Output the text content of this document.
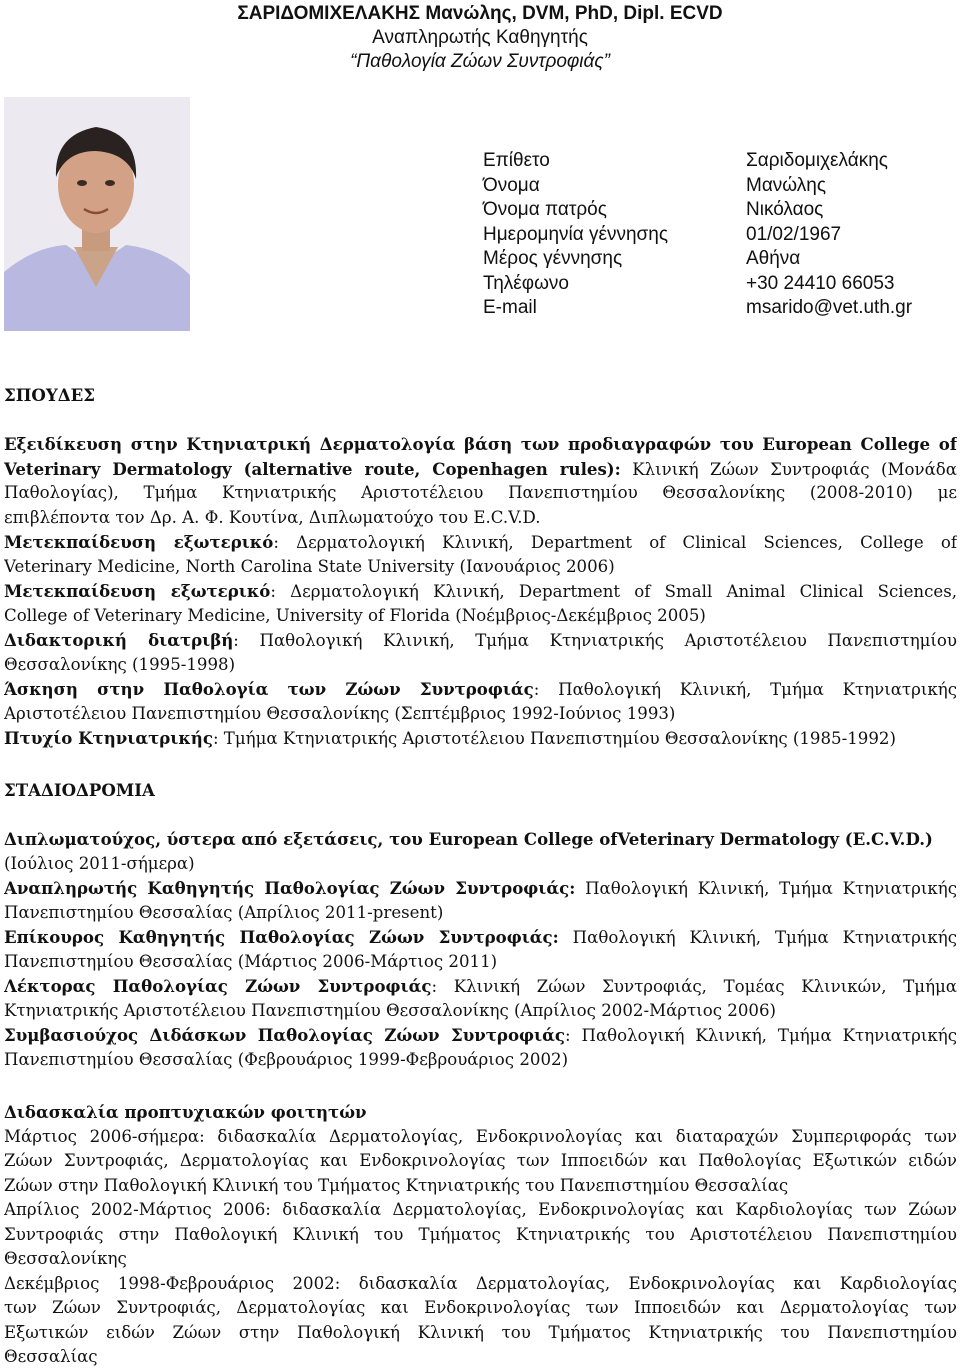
ΣΑΡΙΔΟΜΙΧΕΛΑΚΗΣ Μανώλης, DVM, PhD, Dipl. ECVD
Αναπληρωτής Καθηγητής
“Παθολογία Ζώων Συντροφιάς”
Επίθετο
Όνομα
Όνομα πατρός
Ημερομηνία γέννησης
Μέρος γέννησης
Τηλέφωνο
E-mail
Σαριδομιχελάκης
Μανώλης
Νικόλαος
01/02/1967
Αθήνα
+30 24410 66053
msarido@vet.uth.gr
ΣΠΟΥΔΕΣ
Εξειδίκευση στην Κτηνιατρική Δερματολογία βάση των προδιαγραφών του European College of
Veterinary Dermatology (alternative route, Copenhagen rules): Κλινική Ζώων Συντροφιάς (Μονάδα
Παθολογίας), Τμήμα Κτηνιατρικής Αριστοτέλειου Πανεπιστημίου Θεσσαλονίκης (2008-2010) με
επιβλέποντα τον Δρ. Α. Φ. Κουτίνα, Διπλωματούχο του E.C.V.D.
Μετεκπαίδευση εξωτερικό: Δερματολογική Κλινική, Department of Clinical Sciences, College of
Veterinary Medicine, North Carolina State University (Ιανουάριος 2006)
Μετεκπαίδευση εξωτερικό: Δερματολογική Κλινική, Department of Small Animal Clinical Sciences,
College of Veterinary Medicine, University of Florida (Νοέμβριος-Δεκέμβριος 2005)
Διδακτορική διατριβή: Παθολογική Κλινική, Τμήμα Κτηνιατρικής Αριστοτέλειου Πανεπιστημίου
Θεσσαλονίκης (1995-1998)
Άσκηση στην Παθολογία των Ζώων Συντροφιάς: Παθολογική Κλινική, Τμήμα Κτηνιατρικής
Αριστοτέλειου Πανεπιστημίου Θεσσαλονίκης (Σεπτέμβριος 1992-Ιούνιος 1993)
Πτυχίο Κτηνιατρικής: Τμήμα Κτηνιατρικής Αριστοτέλειου Πανεπιστημίου Θεσσαλονίκης (1985-1992)
ΣΤΑΔΙΟΔΡΟΜΙΑ
Διπλωματούχος, ύστερα από εξετάσεις, του European College ofVeterinary Dermatology (E.C.V.D.)
(Ιούλιος 2011-σήμερα)
Αναπληρωτής Καθηγητής Παθολογίας Ζώων Συντροφιάς: Παθολογική Κλινική, Τμήμα Κτηνιατρικής
Πανεπιστημίου Θεσσαλίας (Απρίλιος 2011-present)
Επίκουρος Καθηγητής Παθολογίας Ζώων Συντροφιάς: Παθολογική Κλινική, Τμήμα Κτηνιατρικής
Πανεπιστημίου Θεσσαλίας (Μάρτιος 2006-Μάρτιος 2011)
Λέκτορας Παθολογίας Ζώων Συντροφιάς: Κλινική Ζώων Συντροφιάς, Τομέας Κλινικών, Τμήμα
Κτηνιατρικής Αριστοτέλειου Πανεπιστημίου Θεσσαλονίκης (Απρίλιος 2002-Μάρτιος 2006)
Συμβασιούχος Διδάσκων Παθολογίας Ζώων Συντροφιάς: Παθολογική Κλινική, Τμήμα Κτηνιατρικής
Πανεπιστημίου Θεσσαλίας (Φεβρουάριος 1999-Φεβρουάριος 2002)
Διδασκαλία προπτυχιακών φοιτητών
Μάρτιος 2006-σήμερα: διδασκαλία Δερματολογίας, Ενδοκρινολογίας και διαταραχών Συμπεριφοράς των
Ζώων Συντροφιάς, Δερματολογίας και Ενδοκρινολογίας των Ιπποειδών και Παθολογίας Εξωτικών ειδών
Ζώων στην Παθολογική Κλινική του Τμήματος Κτηνιατρικής του Πανεπιστημίου Θεσσαλίας
Απρίλιος 2002-Μάρτιος 2006: διδασκαλία Δερματολογίας, Ενδοκρινολογίας και Καρδιολογίας των Ζώων
Συντροφιάς στην Παθολογική Κλινική του Τμήματος Κτηνιατρικής του Αριστοτέλειου Πανεπιστημίου
Θεσσαλονίκης
Δεκέμβριος 1998-Φεβρουάριος 2002: διδασκαλία Δερματολογίας, Ενδοκρινολογίας και Καρδιολογίας
των Ζώων Συντροφιάς, Δερματολογίας και Ενδοκρινολογίας των Ιπποειδών και Δερματολογίας των
Εξωτικών ειδών Ζώων στην Παθολογική Κλινική του Τμήματος Κτηνιατρικής του Πανεπιστημίου
Θεσσαλίας
